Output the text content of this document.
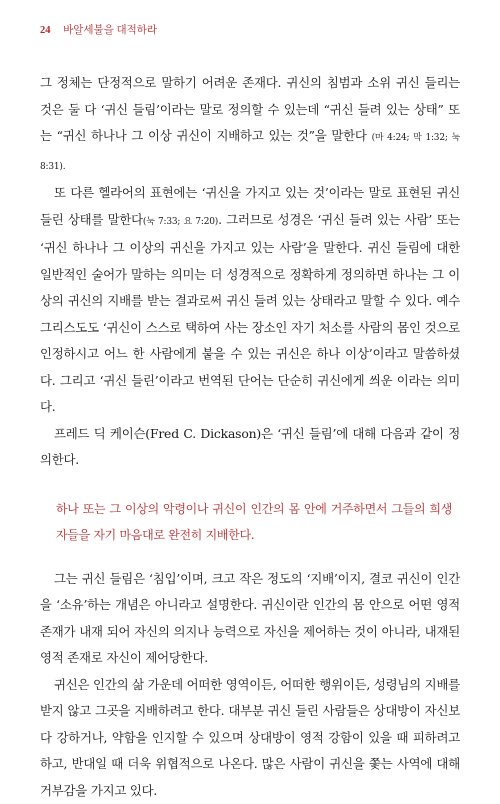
24 바알세불을 대적하라

그 정체는 단정적으로 말하기 어려운 존재다. 귀신의 침범과 소위 귀신 들리는 것은 둘 다 ‘귀신 들림’이라는 말로 정의할 수 있는데 “귀신 들려 있는 상태” 또는 “귀신 하나나 그 이상 귀신이 지배하고 있는 것”을 말한다 (마 4:24; 막 1:32; 눅 8:31).

또 다른 헬라어의 표현에는 ‘귀신을 가지고 있는 것’이라는 말로 표현된 귀신 들린 상태를 말한다(눅 7:33; 요 7:20). 그러므로 성경은 ‘귀신 들려 있는 사람’ 또는 ‘귀신 하나나 그 이상의 귀신을 가지고 있는 사람’을 말한다. 귀신 들림에 대한 일반적인 술어가 말하는 의미는 더 성경적으로 정확하게 정의하면 하나는 그 이상의 귀신의 지배를 받는 결과로써 귀신 들려 있는 상태라고 말할 수 있다. 예수 그리스도도 ‘귀신이 스스로 택하여 사는 장소인 자기 처소를 사람의 몸인 것으로 인정하시고 어느 한 사람에게 붙을 수 있는 귀신은 하나 이상’이라고 말씀하셨다. 그리고 ‘귀신 들린’이라고 번역된 단어는 단순히 귀신에게 씌운 이라는 의미다.

프레드 딕 케이슨(Fred C. Dickason)은 ‘귀신 들림’에 대해 다음과 같이 정의한다.

하나 또는 그 이상의 악령이나 귀신이 인간의 몸 안에 거주하면서 그들의 희생자들을 자기 마음대로 완전히 지배한다.

그는 귀신 들림은 ‘침입’이며, 크고 작은 정도의 ‘지배’이지, 결코 귀신이 인간을 ‘소유’하는 개념은 아니라고 설명한다. 귀신이란 인간의 몸 안으로 어떤 영적 존재가 내재 되어 자신의 의지나 능력으로 자신을 제어하는 것이 아니라, 내재된 영적 존재로 자신이 제어당한다.

귀신은 인간의 삶 가운데 어떠한 영역이든, 어떠한 행위이든, 성령님의 지배를 받지 않고 그곳을 지배하려고 한다. 대부분 귀신 들린 사람들은 상대방이 자신보다 강하거나, 약함을 인지할 수 있으며 상대방이 영적 강함이 있을 때 피하려고 하고, 반대일 때 더욱 위협적으로 나온다. 많은 사람이 귀신을 쫓는 사역에 대해 거부감을 가지고 있다.
